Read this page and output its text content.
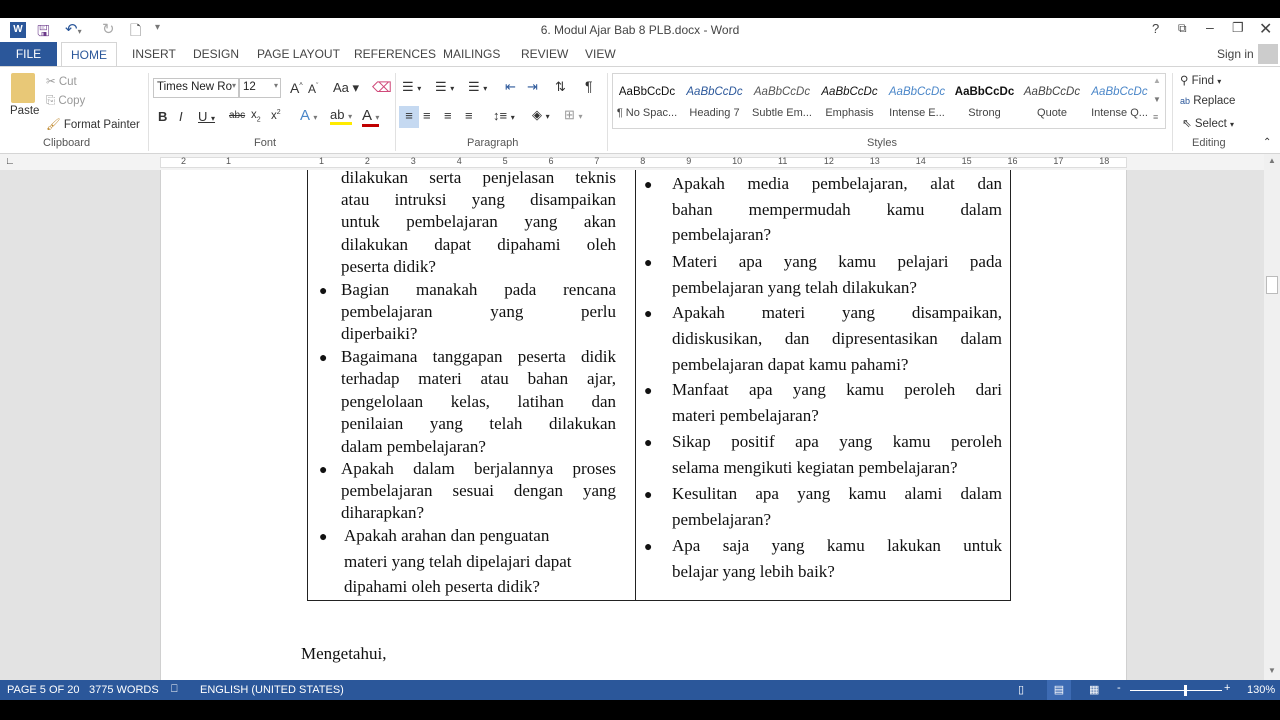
W 🖫 ↶▾ ↻ 🗋 ▾	6. Modul Ajar Bab 8 PLB.docx - Word	? ⧉ – ❐ ✕
FILE	HOME	INSERT	DESIGN	PAGE LAYOUT	REFERENCES MAILINGS	REVIEW	VIEW	Sign in
Paste
✂ Cut
⎘ Copy
🖌 Format Painter
Clipboard
Times New Ro ▾ 12 ▾ A^ $A^ˇ$ Aa ▾ ⌫
B I U ▾ abc $x_2$ $x^2$ A ▾ ab ▾ A ▾
Font
☰ ▾ ☰ ▾ ☰ ▾ ⇤ ⇥ ⇅ ¶
≡ ≡ ≡ ≡ ↕≡ ▾ ◈ ▾ ⊞ ▾
Paragraph
AaBbCcDc
¶ No Spac...
AaBbCcDc
Heading 7
AaBbCcDc
Subtle Em...
AaBbCcDc
Emphasis
AaBbCcDc
Intense E...
AaBbCcDc
Strong
AaBbCcDc
Quote
AaBbCcDc
Intense Q...
▲
▼
≡
Styles
⚲ Find ▾
ab Replace
⇖ Select ▾
Editing	⌃
∟	2	1	1	2	3	4	5	6	7	8	9	10	11	12	13	14	15	16	17	18
dilakukan serta penjelasan teknis
atau intruksi yang disampaikan
untuk pembelajaran yang akan
dilakukan dapat dipahami oleh
peserta didik?
● Bagian manakah pada rencana
pembelajaran yang perlu
diperbaiki?
● Bagaimana tanggapan peserta didik
terhadap materi atau bahan ajar,
pengelolaan kelas, latihan dan
penilaian yang telah dilakukan
dalam pembelajaran?
● Apakah dalam berjalannya proses
pembelajaran sesuai dengan yang
diharapkan?
● Apakah arahan dan penguatan
materi yang telah dipelajari dapat
dipahami oleh peserta didik?
● Apakah media pembelajaran, alat dan
bahan mempermudah kamu dalam
pembelajaran?
● Materi apa yang kamu pelajari pada
pembelajaran yang telah dilakukan?
● Apakah materi yang disampaikan,
didiskusikan, dan dipresentasikan dalam
pembelajaran dapat kamu pahami?
● Manfaat apa yang kamu peroleh dari
materi pembelajaran?
● Sikap positif apa yang kamu peroleh
selama mengikuti kegiatan pembelajaran?
● Kesulitan apa yang kamu alami dalam
pembelajaran?
● Apa saja yang kamu lakukan untuk
belajar yang lebih baik?
Mengetahui,
▲
▼
PAGE 5 OF 20 3775 WORDS ⎕ ENGLISH (UNITED STATES)	▯	▤	▦ -	+ 130%
